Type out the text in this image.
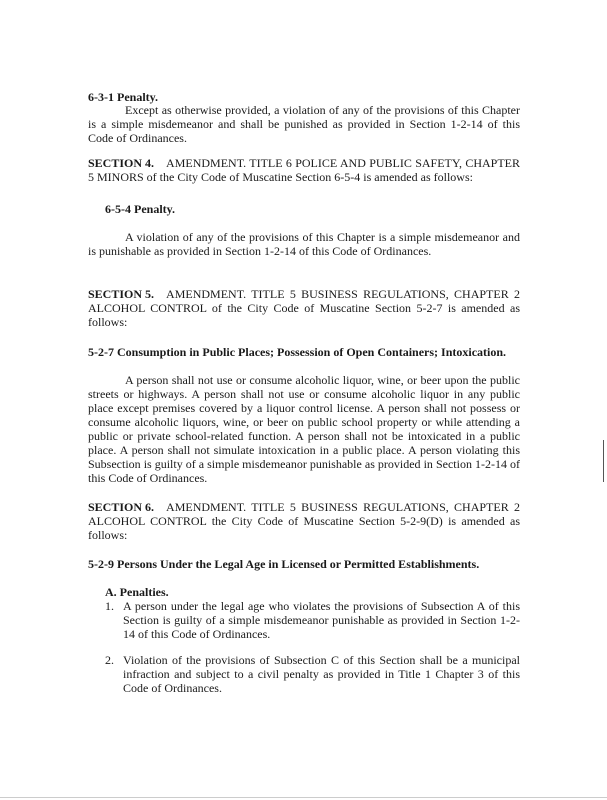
6-3-1 Penalty.
Except as otherwise provided, a violation of any of the provisions of this Chapter
is a simple misdemeanor and shall be punished as provided in Section 1-2-14 of this
Code of Ordinances.
SECTION 4. AMENDMENT. TITLE 6 POLICE AND PUBLIC SAFETY, CHAPTER
5 MINORS of the City Code of Muscatine Section 6-5-4 is amended as follows:
6-5-4 Penalty.
A violation of any of the provisions of this Chapter is a simple misdemeanor and
is punishable as provided in Section 1-2-14 of this Code of Ordinances.
SECTION 5. AMENDMENT. TITLE 5 BUSINESS REGULATIONS, CHAPTER 2
ALCOHOL CONTROL of the City Code of Muscatine Section 5-2-7 is amended as
follows:
5-2-7 Consumption in Public Places; Possession of Open Containers; Intoxication.
A person shall not use or consume alcoholic liquor, wine, or beer upon the public
streets or highways. A person shall not use or consume alcoholic liquor in any public
place except premises covered by a liquor control license. A person shall not possess or
consume alcoholic liquors, wine, or beer on public school property or while attending a
public or private school-related function. A person shall not be intoxicated in a public
place. A person shall not simulate intoxication in a public place. A person violating this
Subsection is guilty of a simple misdemeanor punishable as provided in Section 1-2-14 of
this Code of Ordinances.
SECTION 6. AMENDMENT. TITLE 5 BUSINESS REGULATIONS, CHAPTER 2
ALCOHOL CONTROL the City Code of Muscatine Section 5-2-9(D) is amended as
follows:
5-2-9 Persons Under the Legal Age in Licensed or Permitted Establishments.
A. Penalties.
1. A person under the legal age who violates the provisions of Subsection A of this
Section is guilty of a simple misdemeanor punishable as provided in Section 1-2-
14 of this Code of Ordinances.
2. Violation of the provisions of Subsection C of this Section shall be a municipal
infraction and subject to a civil penalty as provided in Title 1 Chapter 3 of this
Code of Ordinances.
